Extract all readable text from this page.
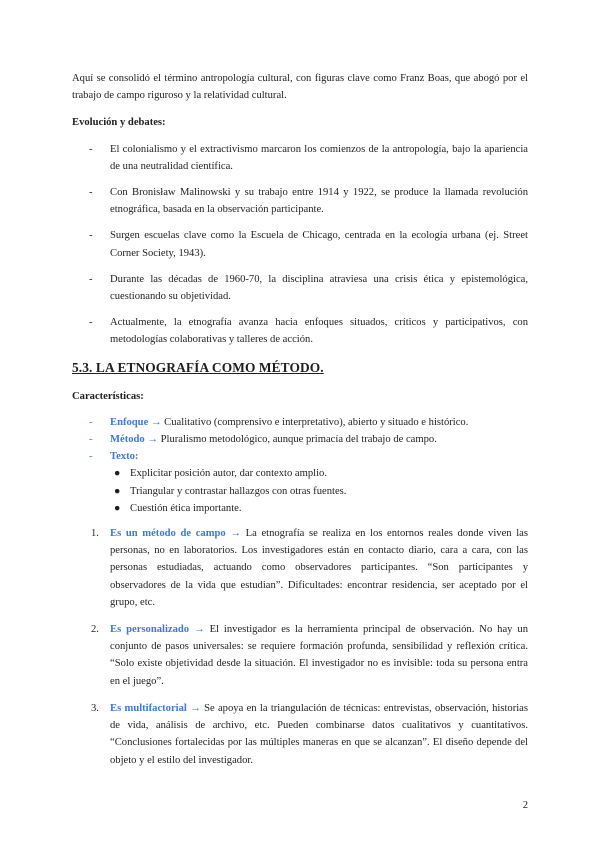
Aquí se consolidó el término antropología cultural, con figuras clave como Franz Boas, que abogó por el trabajo de campo riguroso y la relatividad cultural.

Evolución y debates:

- El colonialismo y el extractivismo marcaron los comienzos de la antropología, bajo la apariencia de una neutralidad científica.
- Con Bronisław Malinowski y su trabajo entre 1914 y 1922, se produce la llamada revolución etnográfica, basada en la observación participante.
- Surgen escuelas clave como la Escuela de Chicago, centrada en la ecología urbana (ej. Street Corner Society, 1943).
- Durante las décadas de 1960-70, la disciplina atraviesa una crisis ética y epistemológica, cuestionando su objetividad.
- Actualmente, la etnografía avanza hacia enfoques situados, críticos y participativos, con metodologías colaborativas y talleres de acción.
5.3. LA ETNOGRAFÍA COMO MÉTODO.

Características:

- Enfoque → Cualitativo (comprensivo e interpretativo), abierto y situado e histórico.
- Método → Pluralismo metodológico, aunque primacía del trabajo de campo.
- Texto:
● Explicitar posición autor, dar contexto amplio.
● Triangular y contrastar hallazgos con otras fuentes.
● Cuestión ética importante.
1. Es un método de campo → La etnografía se realiza en los entornos reales donde viven las personas, no en laboratorios. Los investigadores están en contacto diario, cara a cara, con las personas estudiadas, actuando como observadores participantes. “Son participantes y observadores de la vida que estudian”. Dificultades: encontrar residencia, ser aceptado por el grupo, etc.
2. Es personalizado → El investigador es la herramienta principal de observación. No hay un conjunto de pasos universales: se requiere formación profunda, sensibilidad y reflexión crítica. “Solo existe objetividad desde la situación. El investigador no es invisible: toda su persona entra en el juego”.
3. Es multifactorial → Se apoya en la triangulación de técnicas: entrevistas, observación, historias de vida, análisis de archivo, etc. Pueden combinarse datos cualitativos y cuantitativos. “Conclusiones fortalecidas por las múltiples maneras en que se alcanzan”. El diseño depende del objeto y el estilo del investigador.
2
